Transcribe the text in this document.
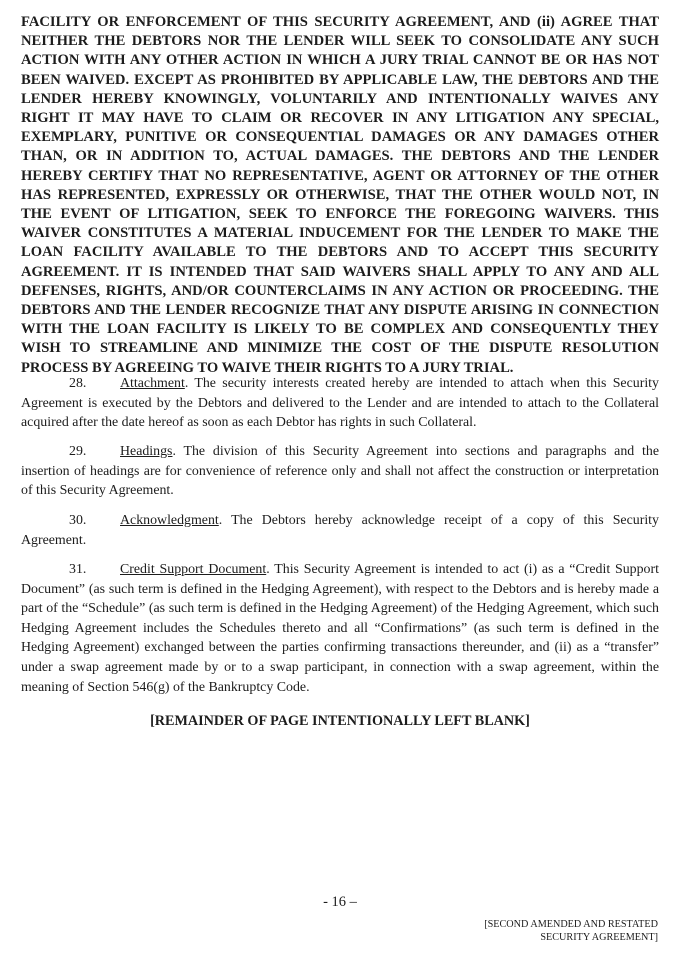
FACILITY OR ENFORCEMENT OF THIS SECURITY AGREEMENT, AND (ii) AGREE THAT NEITHER THE DEBTORS NOR THE LENDER WILL SEEK TO CONSOLIDATE ANY SUCH ACTION WITH ANY OTHER ACTION IN WHICH A JURY TRIAL CANNOT BE OR HAS NOT BEEN WAIVED. EXCEPT AS PROHIBITED BY APPLICABLE LAW, THE DEBTORS AND THE LENDER HEREBY KNOWINGLY, VOLUNTARILY AND INTENTIONALLY WAIVES ANY RIGHT IT MAY HAVE TO CLAIM OR RECOVER IN ANY LITIGATION ANY SPECIAL, EXEMPLARY, PUNITIVE OR CONSEQUENTIAL DAMAGES OR ANY DAMAGES OTHER THAN, OR IN ADDITION TO, ACTUAL DAMAGES. THE DEBTORS AND THE LENDER HEREBY CERTIFY THAT NO REPRESENTATIVE, AGENT OR ATTORNEY OF THE OTHER HAS REPRESENTED, EXPRESSLY OR OTHERWISE, THAT THE OTHER WOULD NOT, IN THE EVENT OF LITIGATION, SEEK TO ENFORCE THE FOREGOING WAIVERS. THIS WAIVER CONSTITUTES A MATERIAL INDUCEMENT FOR THE LENDER TO MAKE THE LOAN FACILITY AVAILABLE TO THE DEBTORS AND TO ACCEPT THIS SECURITY AGREEMENT. IT IS INTENDED THAT SAID WAIVERS SHALL APPLY TO ANY AND ALL DEFENSES, RIGHTS, AND/OR COUNTERCLAIMS IN ANY ACTION OR PROCEEDING. THE DEBTORS AND THE LENDER RECOGNIZE THAT ANY DISPUTE ARISING IN CONNECTION WITH THE LOAN FACILITY IS LIKELY TO BE COMPLEX AND CONSEQUENTLY THEY WISH TO STREAMLINE AND MINIMIZE THE COST OF THE DISPUTE RESOLUTION PROCESS BY AGREEING TO WAIVE THEIR RIGHTS TO A JURY TRIAL.
28. Attachment. The security interests created hereby are intended to attach when this Security Agreement is executed by the Debtors and delivered to the Lender and are intended to attach to the Collateral acquired after the date hereof as soon as each Debtor has rights in such Collateral.
29. Headings. The division of this Security Agreement into sections and paragraphs and the insertion of headings are for convenience of reference only and shall not affect the construction or interpretation of this Security Agreement.
30. Acknowledgment. The Debtors hereby acknowledge receipt of a copy of this Security Agreement.
31. Credit Support Document. This Security Agreement is intended to act (i) as a “Credit Support Document” (as such term is defined in the Hedging Agreement), with respect to the Debtors and is hereby made a part of the “Schedule” (as such term is defined in the Hedging Agreement) of the Hedging Agreement, which such Hedging Agreement includes the Schedules thereto and all “Confirmations” (as such term is defined in the Hedging Agreement) exchanged between the parties confirming transactions thereunder, and (ii) as a “transfer” under a swap agreement made by or to a swap participant, in connection with a swap agreement, within the meaning of Section 546(g) of the Bankruptcy Code.
[REMAINDER OF PAGE INTENTIONALLY LEFT BLANK]
- 16 –
[SECOND AMENDED AND RESTATED
SECURITY AGREEMENT]
